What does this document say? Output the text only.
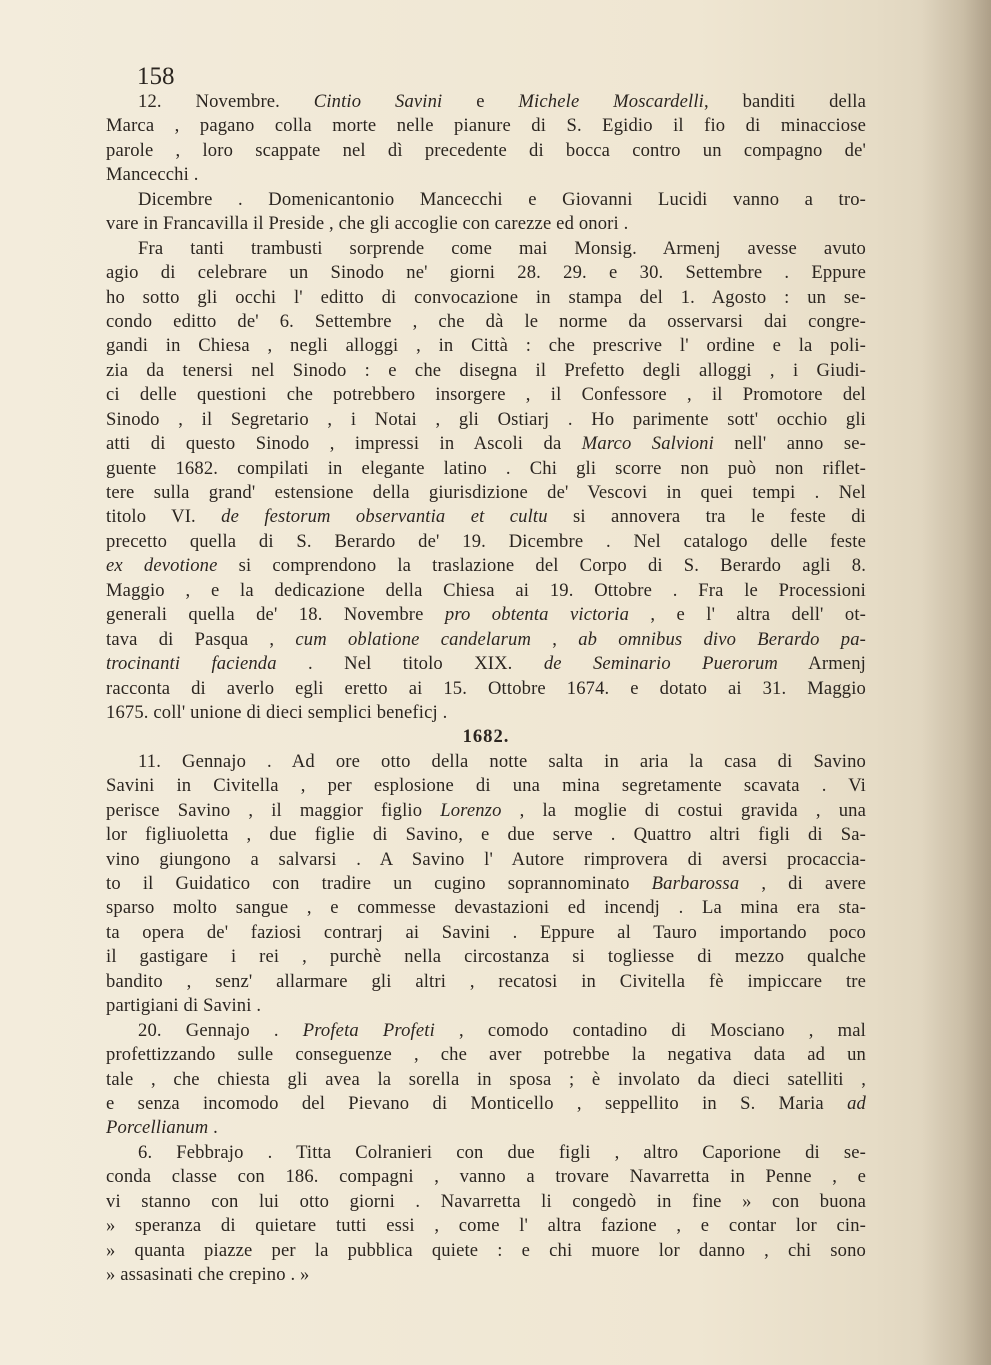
158
12. Novembre. Cintio Savini e Michele Moscardelli, banditi della
Marca , pagano colla morte nelle pianure di S. Egidio il fio di minacciose
parole , loro scappate nel dì precedente di bocca contro un compagno de'
Mancecchi .
Dicembre . Domenicantonio Mancecchi e Giovanni Lucidi vanno a tro-
vare in Francavilla il Preside , che gli accoglie con carezze ed onori .
Fra tanti trambusti sorprende come mai Monsig. Armenj avesse avuto
agio di celebrare un Sinodo ne' giorni 28. 29. e 30. Settembre . Eppure
ho sotto gli occhi l' editto di convocazione in stampa del 1. Agosto : un se-
condo editto de' 6. Settembre , che dà le norme da osservarsi dai congre-
gandi in Chiesa , negli alloggi , in Città : che prescrive l' ordine e la poli-
zia da tenersi nel Sinodo : e che disegna il Prefetto degli alloggi , i Giudi-
ci delle questioni che potrebbero insorgere , il Confessore , il Promotore del
Sinodo , il Segretario , i Notai , gli Ostiarj . Ho parimente sott' occhio gli
atti di questo Sinodo , impressi in Ascoli da Marco Salvioni nell' anno se-
guente 1682. compilati in elegante latino . Chi gli scorre non può non riflet-
tere sulla grand' estensione della giurisdizione de' Vescovi in quei tempi . Nel
titolo VI. de festorum observantia et cultu si annovera tra le feste di
precetto quella di S. Berardo de' 19. Dicembre . Nel catalogo delle feste
ex devotione si comprendono la traslazione del Corpo di S. Berardo agli 8.
Maggio , e la dedicazione della Chiesa ai 19. Ottobre . Fra le Processioni
generali quella de' 18. Novembre pro obtenta victoria , e l' altra dell' ot-
tava di Pasqua , cum oblatione candelarum , ab omnibus divo Berardo pa-
trocinanti facienda . Nel titolo XIX. de Seminario Puerorum Armenj
racconta di averlo egli eretto ai 15. Ottobre 1674. e dotato ai 31. Maggio
1675. coll' unione di dieci semplici beneficj .
1682.
11. Gennajo . Ad ore otto della notte salta in aria la casa di Savino
Savini in Civitella , per esplosione di una mina segretamente scavata . Vi
perisce Savino , il maggior figlio Lorenzo , la moglie di costui gravida , una
lor figliuoletta , due figlie di Savino, e due serve . Quattro altri figli di Sa-
vino giungono a salvarsi . A Savino l' Autore rimprovera di aversi procaccia-
to il Guidatico con tradire un cugino soprannominato Barbarossa , di avere
sparso molto sangue , e commesse devastazioni ed incendj . La mina era sta-
ta opera de' faziosi contrarj ai Savini . Eppure al Tauro importando poco
il gastigare i rei , purchè nella circostanza si togliesse di mezzo qualche
bandito , senz' allarmare gli altri , recatosi in Civitella fè impiccare tre
partigiani di Savini .
20. Gennajo . Profeta Profeti , comodo contadino di Mosciano , mal
profettizzando sulle conseguenze , che aver potrebbe la negativa data ad un
tale , che chiesta gli avea la sorella in sposa ; è involato da dieci satelliti ,
e senza incomodo del Pievano di Monticello , seppellito in S. Maria ad
Porcellianum .
6. Febbrajo . Titta Colranieri con due figli , altro Caporione di se-
conda classe con 186. compagni , vanno a trovare Navarretta in Penne , e
vi stanno con lui otto giorni . Navarretta li congedò in fine » con buona
» speranza di quietare tutti essi , come l' altra fazione , e contar lor cin-
» quanta piazze per la pubblica quiete : e chi muore lor danno , chi sono
» assasinati che crepino . »
